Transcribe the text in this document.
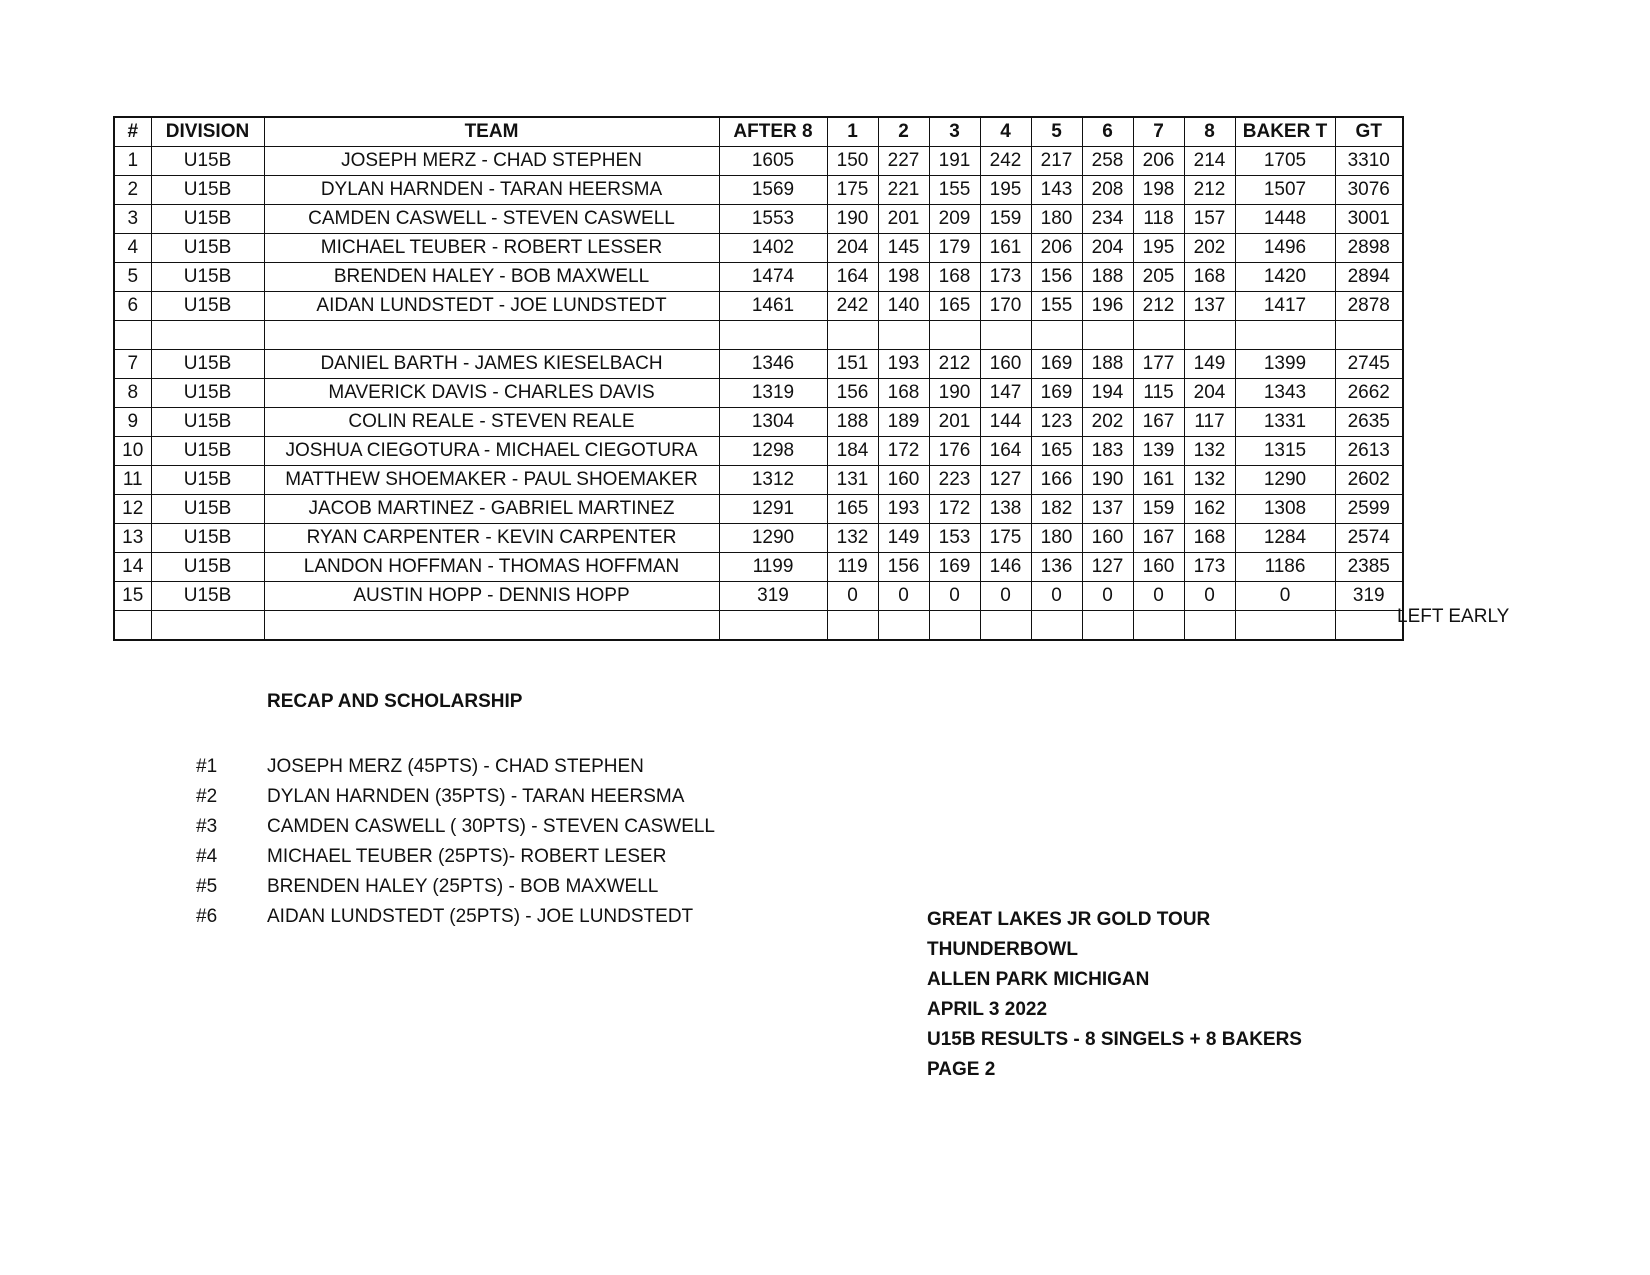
#	DIVISION	TEAM	AFTER 8	1	2	3	4	5	6	7	8	BAKER T	GT
1	U15B	JOSEPH MERZ - CHAD STEPHEN	1605	150	227	191	242	217	258	206	214	1705	3310
2	U15B	DYLAN HARNDEN - TARAN HEERSMA	1569	175	221	155	195	143	208	198	212	1507	3076
3	U15B	CAMDEN CASWELL - STEVEN CASWELL	1553	190	201	209	159	180	234	118	157	1448	3001
4	U15B	MICHAEL TEUBER - ROBERT LESSER	1402	204	145	179	161	206	204	195	202	1496	2898
5	U15B	BRENDEN HALEY - BOB MAXWELL	1474	164	198	168	173	156	188	205	168	1420	2894
6	U15B	AIDAN LUNDSTEDT - JOE LUNDSTEDT	1461	242	140	165	170	155	196	212	137	1417	2878

7	U15B	DANIEL BARTH - JAMES KIESELBACH	1346	151	193	212	160	169	188	177	149	1399	2745
8	U15B	MAVERICK DAVIS - CHARLES DAVIS	1319	156	168	190	147	169	194	115	204	1343	2662
9	U15B	COLIN REALE - STEVEN REALE	1304	188	189	201	144	123	202	167	117	1331	2635
10	U15B	JOSHUA CIEGOTURA - MICHAEL CIEGOTURA	1298	184	172	176	164	165	183	139	132	1315	2613
11	U15B	MATTHEW SHOEMAKER - PAUL SHOEMAKER	1312	131	160	223	127	166	190	161	132	1290	2602
12	U15B	JACOB MARTINEZ - GABRIEL MARTINEZ	1291	165	193	172	138	182	137	159	162	1308	2599
13	U15B	RYAN CARPENTER - KEVIN CARPENTER	1290	132	149	153	175	180	160	167	168	1284	2574
14	U15B	LANDON HOFFMAN - THOMAS HOFFMAN	1199	119	156	169	146	136	127	160	173	1186	2385
15	U15B	AUSTIN HOPP - DENNIS HOPP	319	0	0	0	0	0	0	0	0	0	319

LEFT EARLY
RECAP AND SCHOLARSHIP
#1	JOSEPH MERZ (45PTS) - CHAD STEPHEN
#2	DYLAN HARNDEN (35PTS) - TARAN HEERSMA
#3	CAMDEN CASWELL ( 30PTS) - STEVEN CASWELL
#4	MICHAEL TEUBER (25PTS)- ROBERT LESER
#5	BRENDEN HALEY (25PTS) - BOB MAXWELL
#6	AIDAN LUNDSTEDT (25PTS) - JOE LUNDSTEDT	GREAT LAKES JR GOLD TOUR
THUNDERBOWL
ALLEN PARK MICHIGAN
APRIL 3 2022
U15B RESULTS - 8 SINGELS + 8 BAKERS
PAGE 2
